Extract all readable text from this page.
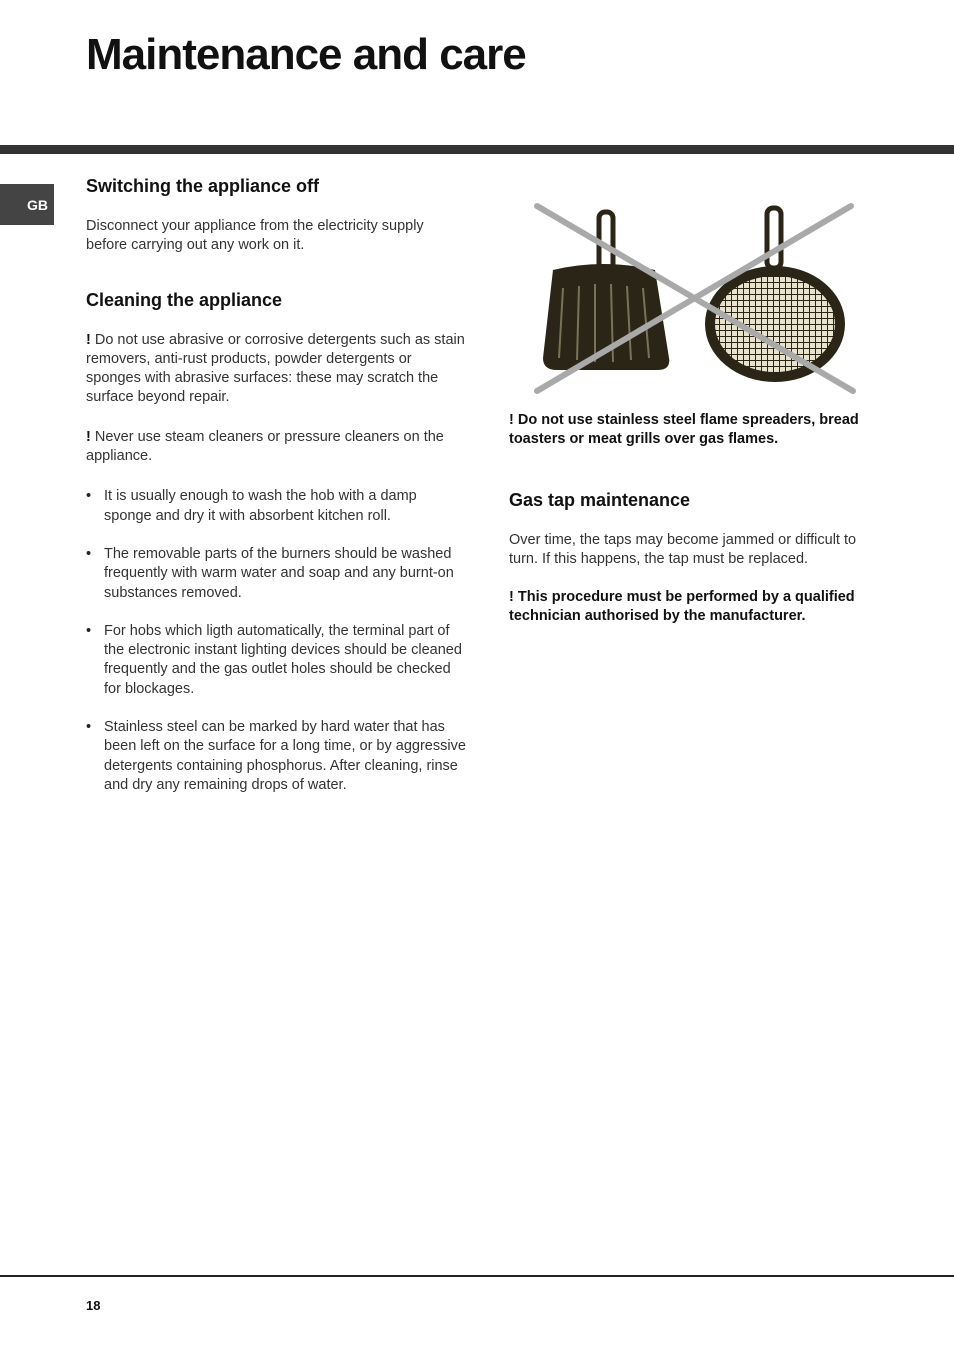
Maintenance and care
GB
Switching the appliance off

Disconnect your appliance from the electricity supply before carrying out any work on it.

Cleaning the appliance

! Do not use abrasive or corrosive detergents such as stain removers, anti-rust products, powder detergents or sponges with abrasive surfaces: these may scratch the surface beyond repair.

! Never use steam cleaners or pressure cleaners on the appliance.

• It is usually enough to wash the hob with a damp sponge and dry it with absorbent kitchen roll.
• The removable parts of the burners should be washed frequently with warm water and soap and any burnt-on substances removed.
• For hobs which ligth automatically, the terminal part of the electronic instant lighting devices should be cleaned frequently and the gas outlet holes should be checked for blockages.
• Stainless steel can be marked by hard water that has been left on the surface for a long time, or by aggressive detergents containing phosphorus. After cleaning, rinse and dry any remaining drops of water.

! Do not use stainless steel flame spreaders, bread toasters or meat grills over gas flames.

Gas tap maintenance

Over time, the taps may become jammed or difficult to turn. If this happens, the tap must be replaced.

! This procedure must be performed by a qualified technician authorised by the manufacturer.

18
